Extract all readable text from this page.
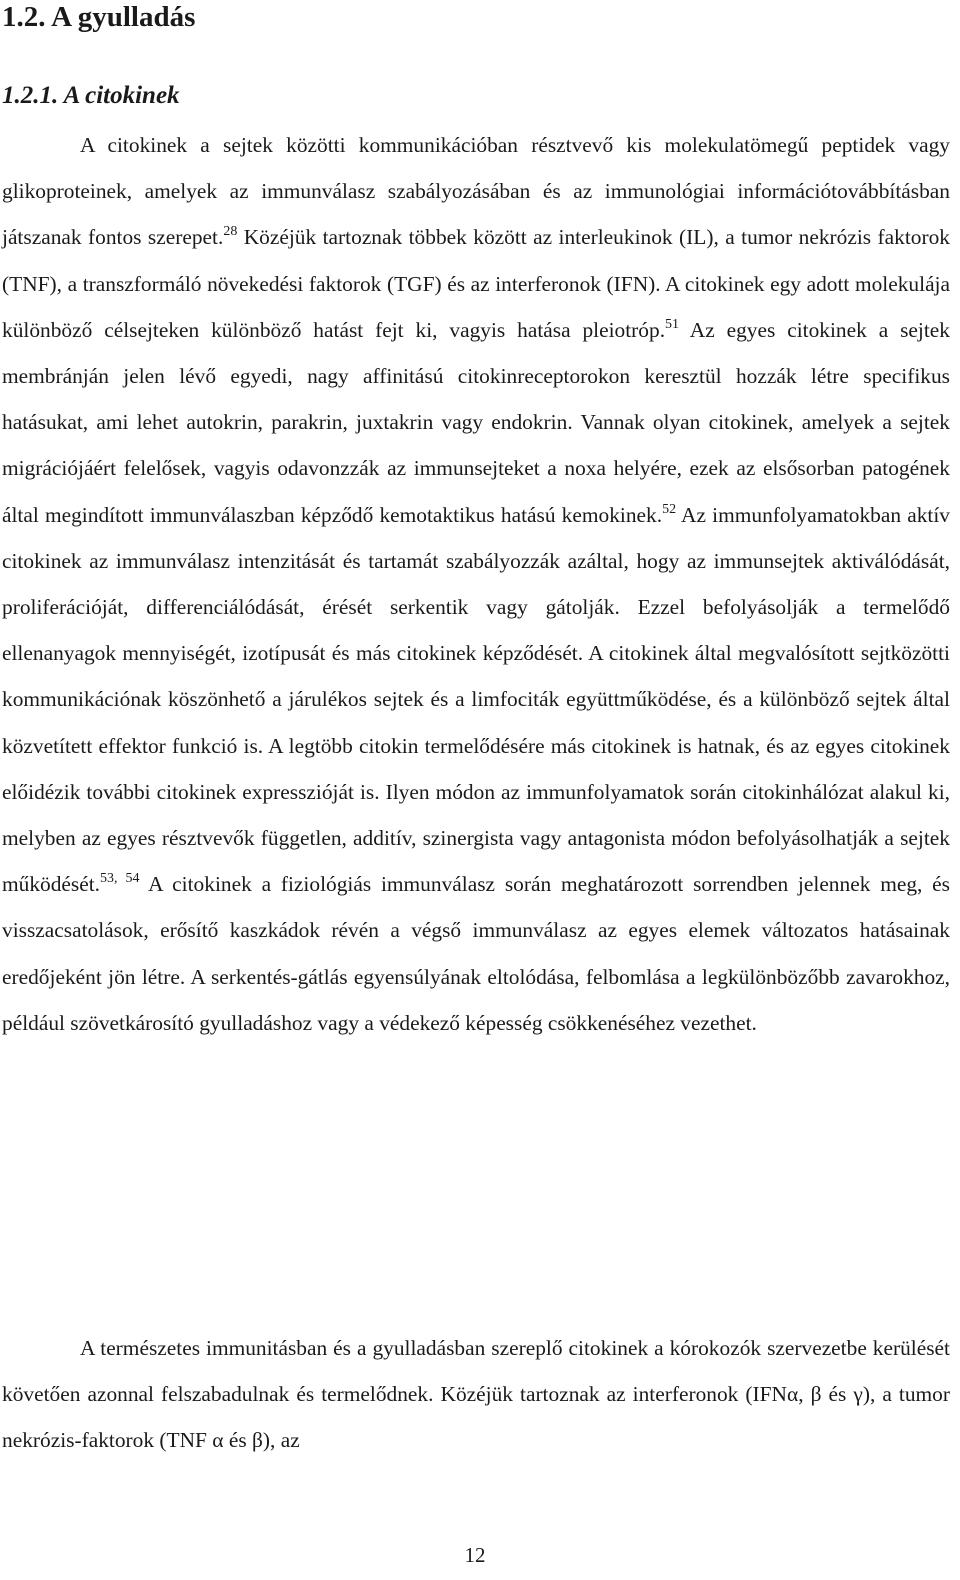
1.2. A gyulladás
1.2.1. A citokinek

A citokinek a sejtek közötti kommunikációban résztvevő kis molekulatömegű peptidek vagy glikoproteinek, amelyek az immunválasz szabályozásában és az immunológiai információtovábbításban játszanak fontos szerepet.$^{28}$ Közéjük tartoznak többek között az interleukinok (IL), a tumor nekrózis faktorok (TNF), a transzformáló növekedési faktorok (TGF) és az interferonok (IFN). A citokinek egy adott molekulája különböző célsejteken különböző hatást fejt ki, vagyis hatása pleiotróp.$^{51}$ Az egyes citokinek a sejtek membránján jelen lévő egyedi, nagy affinitású citokinreceptorokon keresztül hozzák létre specifikus hatásukat, ami lehet autokrin, parakrin, juxtakrin vagy endokrin. Vannak olyan citokinek, amelyek a sejtek migrációjáért felelősek, vagyis odavonzzák az immunsejteket a noxa helyére, ezek az elsősorban patogének által megindított immunválaszban képződő kemotaktikus hatású kemokinek.$^{52}$ Az immunfolyamatokban aktív citokinek az immunválasz intenzitását és tartamát szabályozzák azáltal, hogy az immunsejtek aktiválódását, proliferációját, differenciálódását, érését serkentik vagy gátolják. Ezzel befolyásolják a termelődő ellenanyagok mennyiségét, izotípusát és más citokinek képződését. A citokinek által megvalósított sejtközötti kommunikációnak köszönhető a járulékos sejtek és a limfociták együttműködése, és a különböző sejtek által közvetített effektor funkció is. A legtöbb citokin termelődésére más citokinek is hatnak, és az egyes citokinek előidézik további citokinek expresszióját is. Ilyen módon az immunfolyamatok során citokinhálózat alakul ki, melyben az egyes résztvevők független, additív, szinergista vagy antagonista módon befolyásolhatják a sejtek működését.$^{53, 54}$ A citokinek a fiziológiás immunválasz során meghatározott sorrendben jelennek meg, és visszacsatolások, erősítő kaszkádok révén a végső immunválasz az egyes elemek változatos hatásainak eredőjeként jön létre. A serkentés-gátlás egyensúlyának eltolódása, felbomlása a legkülönbözőbb zavarokhoz, például szövetkárosító gyulladáshoz vagy a védekező képesség csökkenéséhez vezethet.

A természetes immunitásban és a gyulladásban szereplő citokinek a kórokozók szervezetbe kerülését követően azonnal felszabadulnak és termelődnek. Közéjük tartoznak az interferonok (IFNα, β és γ), a tumor nekrózis-faktorok (TNF α és β), az

12
